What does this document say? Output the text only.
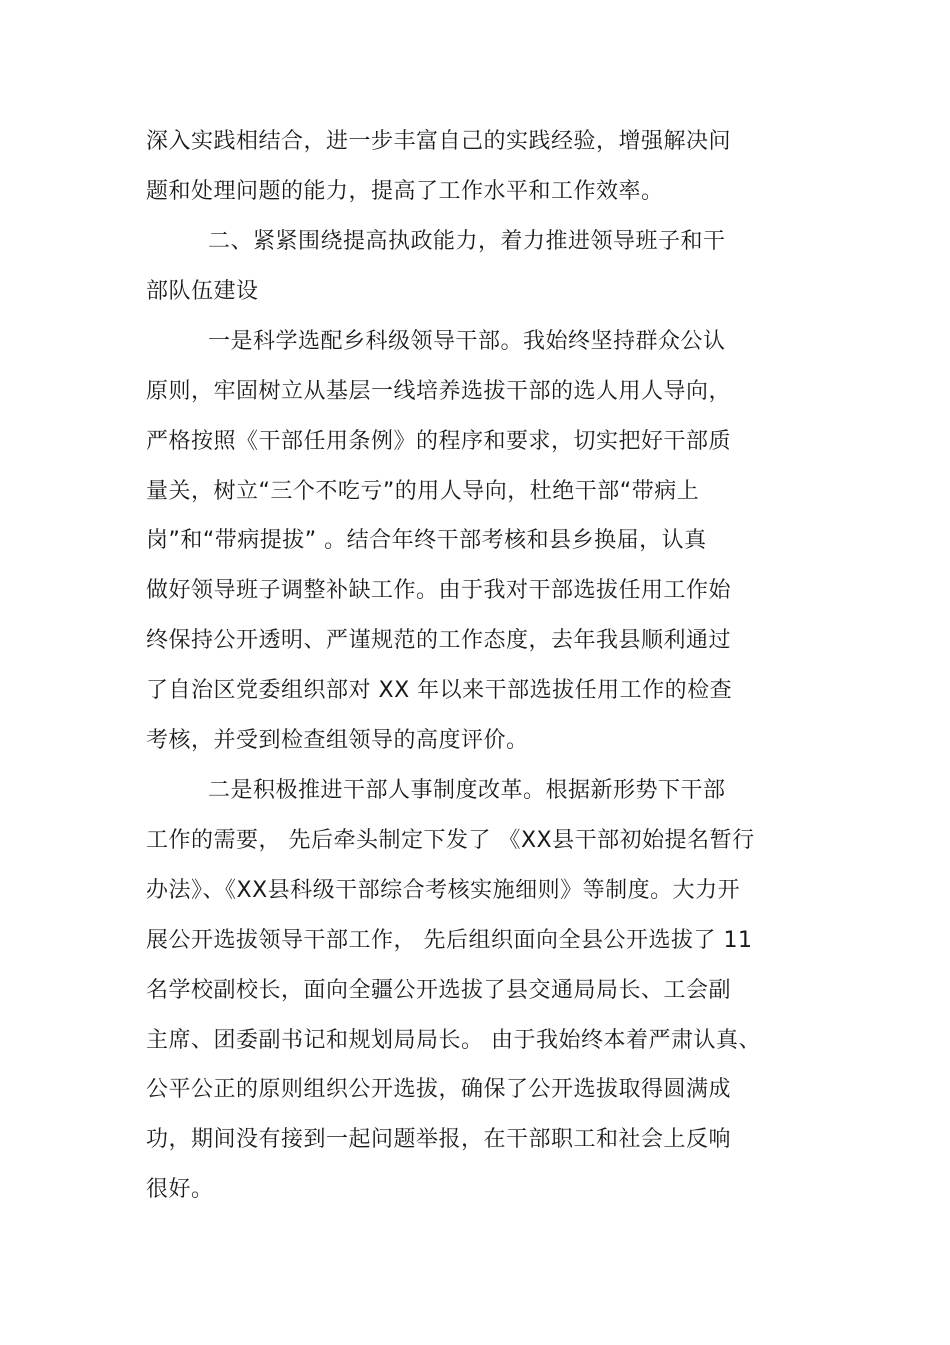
深入实践相结合，进一步丰富自己的实践经验，增强解决问

题和处理问题的能力，提高了工作水平和工作效率。

二、紧紧围绕提高执政能力，着力推进领导班子和干

部队伍建设

一是科学选配乡科级领导干部。我始终坚持群众公认

原则，牢固树立从基层一线培养选拔干部的选人用人导向，

严格按照《干部任用条例》的程序和要求，切实把好干部质

量关，树立“三个不吃亏”的用人导向，杜绝干部“带病上

岗”和“带病提拔” 。结合年终干部考核和县乡换届，认真

做好领导班子调整补缺工作。由于我对干部选拔任用工作始

终保持公开透明、严谨规范的工作态度，去年我县顺利通过

了自治区党委组织部对 XX 年以来干部选拔任用工作的检查

考核，并受到检查组领导的高度评价。

二是积极推进干部人事制度改革。根据新形势下干部

工作的需要， 先后牵头制定下发了 《XX县干部初始提名暂行

办法》、《XX县科级干部综合考核实施细则》等制度。大力开

展公开选拔领导干部工作， 先后组织面向全县公开选拔了 11

名学校副校长，面向全疆公开选拔了县交通局局长、工会副

主席、团委副书记和规划局局长。 由于我始终本着严肃认真、

公平公正的原则组织公开选拔，确保了公开选拔取得圆满成

功，期间没有接到一起问题举报，在干部职工和社会上反响

很好。
